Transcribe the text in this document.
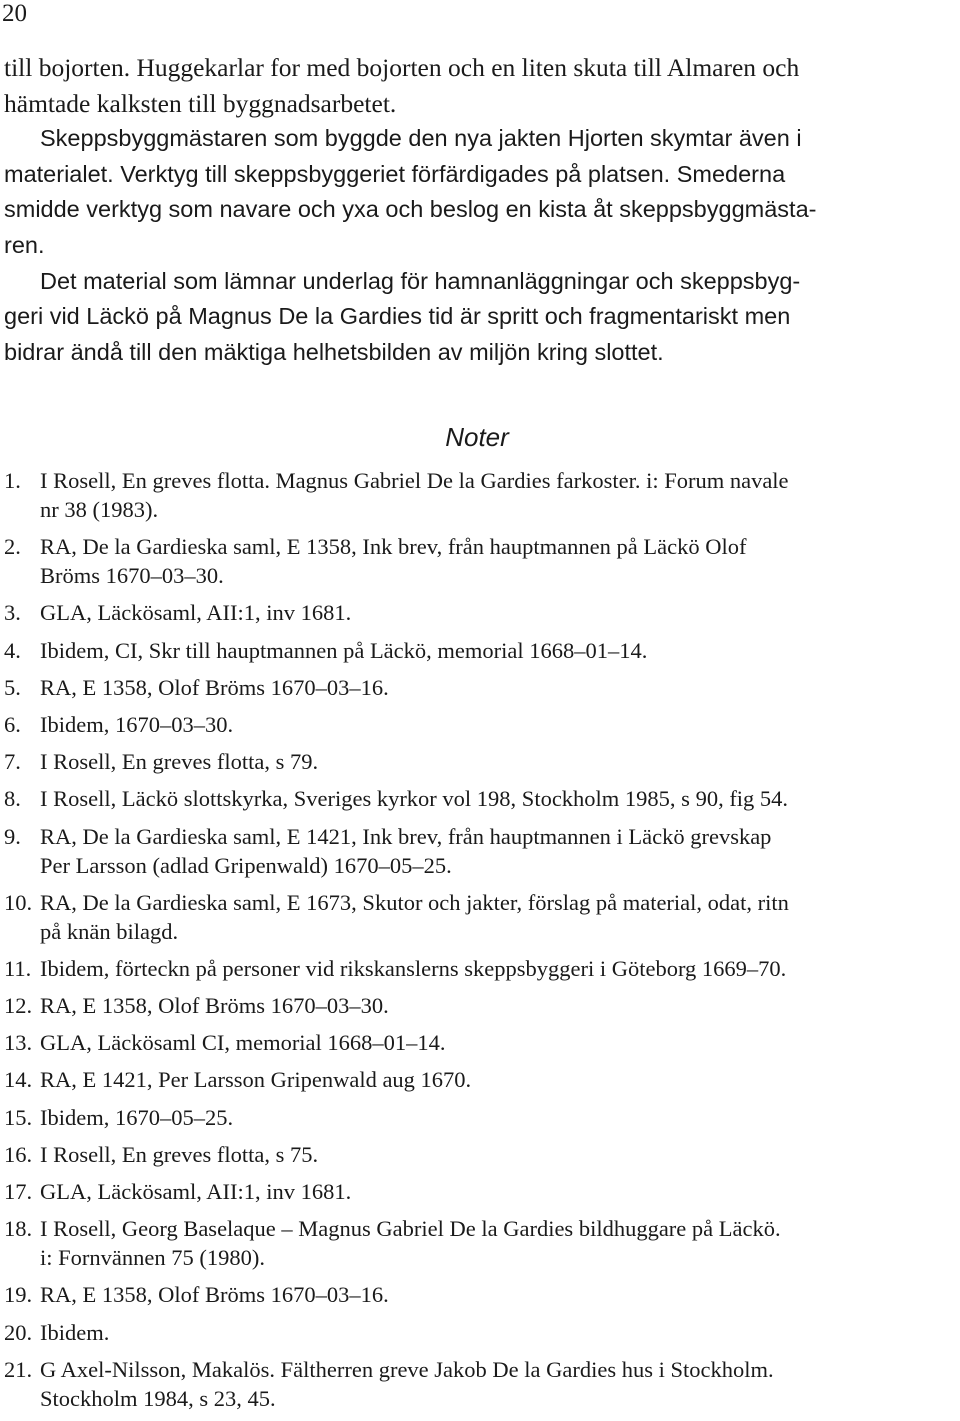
20
till bojorten. Huggekarlar for med bojorten och en liten skuta till Almaren och
hämtade kalksten till byggnadsarbetet.
Skeppsbyggmästaren som byggde den nya jakten Hjorten skymtar även i
materialet. Verktyg till skeppsbyggeriet förfärdigades på platsen. Smederna
smidde verktyg som navare och yxa och beslog en kista åt skeppsbyggmästa-
ren.
Det material som lämnar underlag för hamnanläggningar och skeppsbyg-
geri vid Läckö på Magnus De la Gardies tid är spritt och fragmentariskt men
bidrar ändå till den mäktiga helhetsbilden av miljön kring slottet.
Noter
1. I Rosell, En greves flotta. Magnus Gabriel De la Gardies farkoster. i: Forum navale
nr 38 (1983).
2. RA, De la Gardieska saml, E 1358, Ink brev, från hauptmannen på Läckö Olof
Bröms 1670–03–30.
3. GLA, Läckösaml, AII:1, inv 1681.
4. Ibidem, CI, Skr till hauptmannen på Läckö, memorial 1668–01–14.
5. RA, E 1358, Olof Bröms 1670–03–16.
6. Ibidem, 1670–03–30.
7. I Rosell, En greves flotta, s 79.
8. I Rosell, Läckö slottskyrka, Sveriges kyrkor vol 198, Stockholm 1985, s 90, fig 54.
9. RA, De la Gardieska saml, E 1421, Ink brev, från hauptmannen i Läckö grevskap
Per Larsson (adlad Gripenwald) 1670–05–25.
10. RA, De la Gardieska saml, E 1673, Skutor och jakter, förslag på material, odat, ritn
på knän bilagd.
11. Ibidem, förteckn på personer vid rikskanslerns skeppsbyggeri i Göteborg 1669–70.
12. RA, E 1358, Olof Bröms 1670–03–30.
13. GLA, Läckösaml CI, memorial 1668–01–14.
14. RA, E 1421, Per Larsson Gripenwald aug 1670.
15. Ibidem, 1670–05–25.
16. I Rosell, En greves flotta, s 75.
17. GLA, Läckösaml, AII:1, inv 1681.
18. I Rosell, Georg Baselaque – Magnus Gabriel De la Gardies bildhuggare på Läckö.
i: Fornvännen 75 (1980).
19. RA, E 1358, Olof Bröms 1670–03–16.
20. Ibidem.
21. G Axel-Nilsson, Makalös. Fältherren greve Jakob De la Gardies hus i Stockholm.
Stockholm 1984, s 23, 45.
